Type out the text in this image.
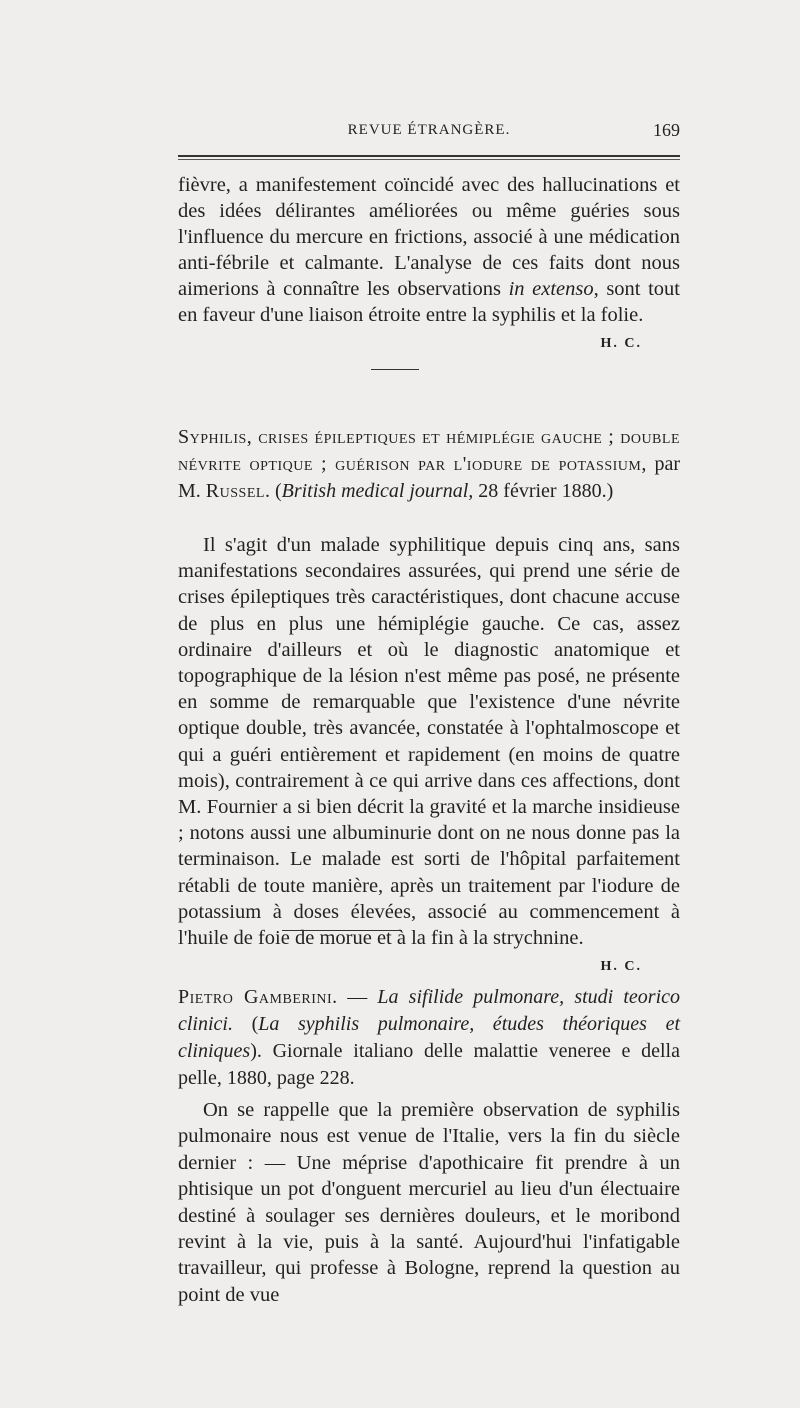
REVUE ÉTRANGÈRE.	169

fièvre, a manifestement coïncidé avec des hallucinations et des idées délirantes améliorées ou même guéries sous l'influence du mercure en frictions, associé à une médication anti-fébrile et calmante. L'analyse de ces faits dont nous aimerions à connaître les observations in extenso, sont tout en faveur d'une liaison étroite entre la syphilis et la folie.
H. C.

Syphilis, crises épileptiques et hémiplégie gauche ; double névrite optique ; guérison par l'iodure de potassium, par M. Russel. (British medical journal, 28 février 1880.)

Il s'agit d'un malade syphilitique depuis cinq ans, sans manifestations secondaires assurées, qui prend une série de crises épileptiques très caractéristiques, dont chacune accuse de plus en plus une hémiplégie gauche. Ce cas, assez ordinaire d'ailleurs et où le diagnostic anatomique et topographique de la lésion n'est même pas posé, ne présente en somme de remarquable que l'existence d'une névrite optique double, très avancée, constatée à l'ophtalmoscope et qui a guéri entièrement et rapidement (en moins de quatre mois), contrairement à ce qui arrive dans ces affections, dont M. Fournier a si bien décrit la gravité et la marche insidieuse ; notons aussi une albuminurie dont on ne nous donne pas la terminaison. Le malade est sorti de l'hôpital parfaitement rétabli de toute manière, après un traitement par l'iodure de potassium à doses élevées, associé au commencement à l'huile de foie de morue et à la fin à la strychnine.
H. C.

Pietro Gamberini. — La sifilide pulmonare, studi teorico clinici. (La syphilis pulmonaire, études théoriques et cliniques). Giornale italiano delle malattie veneree e della pelle, 1880, page 228.

On se rappelle que la première observation de syphilis pulmonaire nous est venue de l'Italie, vers la fin du siècle dernier : — Une méprise d'apothicaire fit prendre à un phtisique un pot d'onguent mercuriel au lieu d'un électuaire destiné à soulager ses dernières douleurs, et le moribond revint à la vie, puis à la santé. Aujourd'hui l'infatigable travailleur, qui professe à Bologne, reprend la question au point de vue
